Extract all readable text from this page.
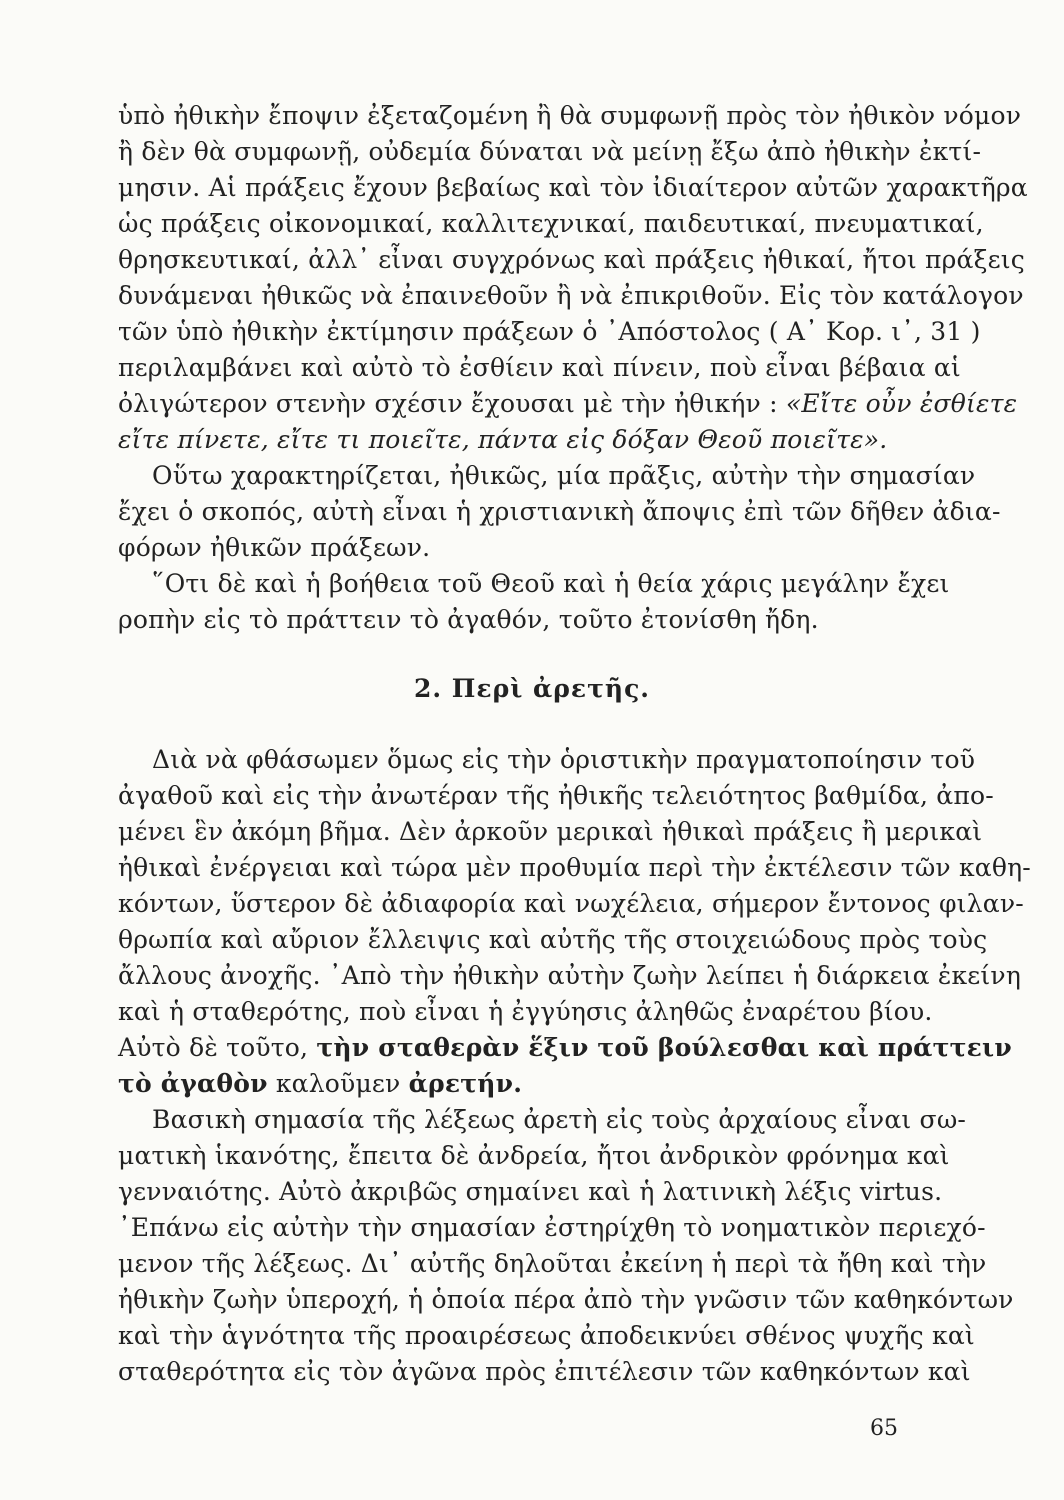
ὑπὸ ἠθικὴν ἔποψιν ἐξεταζομένη ἢ θὰ συμφωνῇ πρὸς τὸν ἠθικὸν νόμον
ἢ δὲν θὰ συμφωνῇ, οὐδεμία δύναται νὰ μείνῃ ἔξω ἀπὸ ἠθικὴν ἐκτί-
μησιν. Αἱ πράξεις ἔχουν βεβαίως καὶ τὸν ἰδιαίτερον αὐτῶν χαρακτῆρα
ὡς πράξεις οἰκονομικαί, καλλιτεχνικαί, παιδευτικαί, πνευματικαί,
θρησκευτικαί, ἀλλ᾽ εἶναι συγχρόνως καὶ πράξεις ἠθικαί, ἤτοι πράξεις
δυνάμεναι ἠθικῶς νὰ ἐπαινεθοῦν ἢ νὰ ἐπικριθοῦν. Εἰς τὸν κατάλογον
τῶν ὑπὸ ἠθικὴν ἐκτίμησιν πράξεων ὁ ᾿Απόστολος ( Α᾽ Κορ. ι᾽, 31 )
περιλαμβάνει καὶ αὐτὸ τὸ ἐσθίειν καὶ πίνειν, ποὺ εἶναι βέβαια αἱ
ὀλιγώτερον στενὴν σχέσιν ἔχουσαι μὲ τὴν ἠθικήν : «Εἴτε οὖν ἐσθίετε
εἴτε πίνετε, εἴτε τι ποιεῖτε, πάντα εἰς δόξαν Θεοῦ ποιεῖτε».
Οὕτω χαρακτηρίζεται, ἠθικῶς, μία πρᾶξις, αὐτὴν τὴν σημασίαν
ἔχει ὁ σκοπός, αὐτὴ εἶναι ἡ χριστιανικὴ ἄποψις ἐπὶ τῶν δῆθεν ἀδια-
φόρων ἠθικῶν πράξεων.
῞Οτι δὲ καὶ ἡ βοήθεια τοῦ Θεοῦ καὶ ἡ θεία χάρις μεγάλην ἔχει
ροπὴν εἰς τὸ πράττειν τὸ ἀγαθόν, τοῦτο ἐτονίσθη ἤδη.
2. Περὶ ἀρετῆς.
Διὰ νὰ φθάσωμεν ὅμως εἰς τὴν ὁριστικὴν πραγματοποίησιν τοῦ
ἀγαθοῦ καὶ εἰς τὴν ἀνωτέραν τῆς ἠθικῆς τελειότητος βαθμίδα, ἀπο-
μένει ἓν ἀκόμη βῆμα. Δὲν ἀρκοῦν μερικαὶ ἠθικαὶ πράξεις ἢ μερικαὶ
ἠθικαὶ ἐνέργειαι καὶ τώρα μὲν προθυμία περὶ τὴν ἐκτέλεσιν τῶν καθη-
κόντων, ὕστερον δὲ ἀδιαφορία καὶ νωχέλεια, σήμερον ἔντονος φιλαν-
θρωπία καὶ αὔριον ἔλλειψις καὶ αὐτῆς τῆς στοιχειώδους πρὸς τοὺς
ἄλλους ἀνοχῆς. ᾿Απὸ τὴν ἠθικὴν αὐτὴν ζωὴν λείπει ἡ διάρκεια ἐκείνη
καὶ ἡ σταθερότης, ποὺ εἶναι ἡ ἐγγύησις ἀληθῶς ἐναρέτου βίου.
Αὐτὸ δὲ τοῦτο, τὴν σταθερὰν ἕξιν τοῦ βούλεσθαι καὶ πράττειν
τὸ ἀγαθὸν καλοῦμεν ἀρετήν.
Βασικὴ σημασία τῆς λέξεως ἀρετὴ εἰς τοὺς ἀρχαίους εἶναι σω-
ματικὴ ἱκανότης, ἔπειτα δὲ ἀνδρεία, ἤτοι ἀνδρικὸν φρόνημα καὶ
γενναιότης. Αὐτὸ ἀκριβῶς σημαίνει καὶ ἡ λατινικὴ λέξις virtus.
᾿Επάνω εἰς αὐτὴν τὴν σημασίαν ἐστηρίχθη τὸ νοηματικὸν περιεχό-
μενον τῆς λέξεως. Δι᾽ αὐτῆς δηλοῦται ἐκείνη ἡ περὶ τὰ ἤθη καὶ τὴν
ἠθικὴν ζωὴν ὑπεροχή, ἡ ὁποία πέρα ἀπὸ τὴν γνῶσιν τῶν καθηκόντων
καὶ τὴν ἁγνότητα τῆς προαιρέσεως ἀποδεικνύει σθένος ψυχῆς καὶ
σταθερότητα εἰς τὸν ἀγῶνα πρὸς ἐπιτέλεσιν τῶν καθηκόντων καὶ
65
